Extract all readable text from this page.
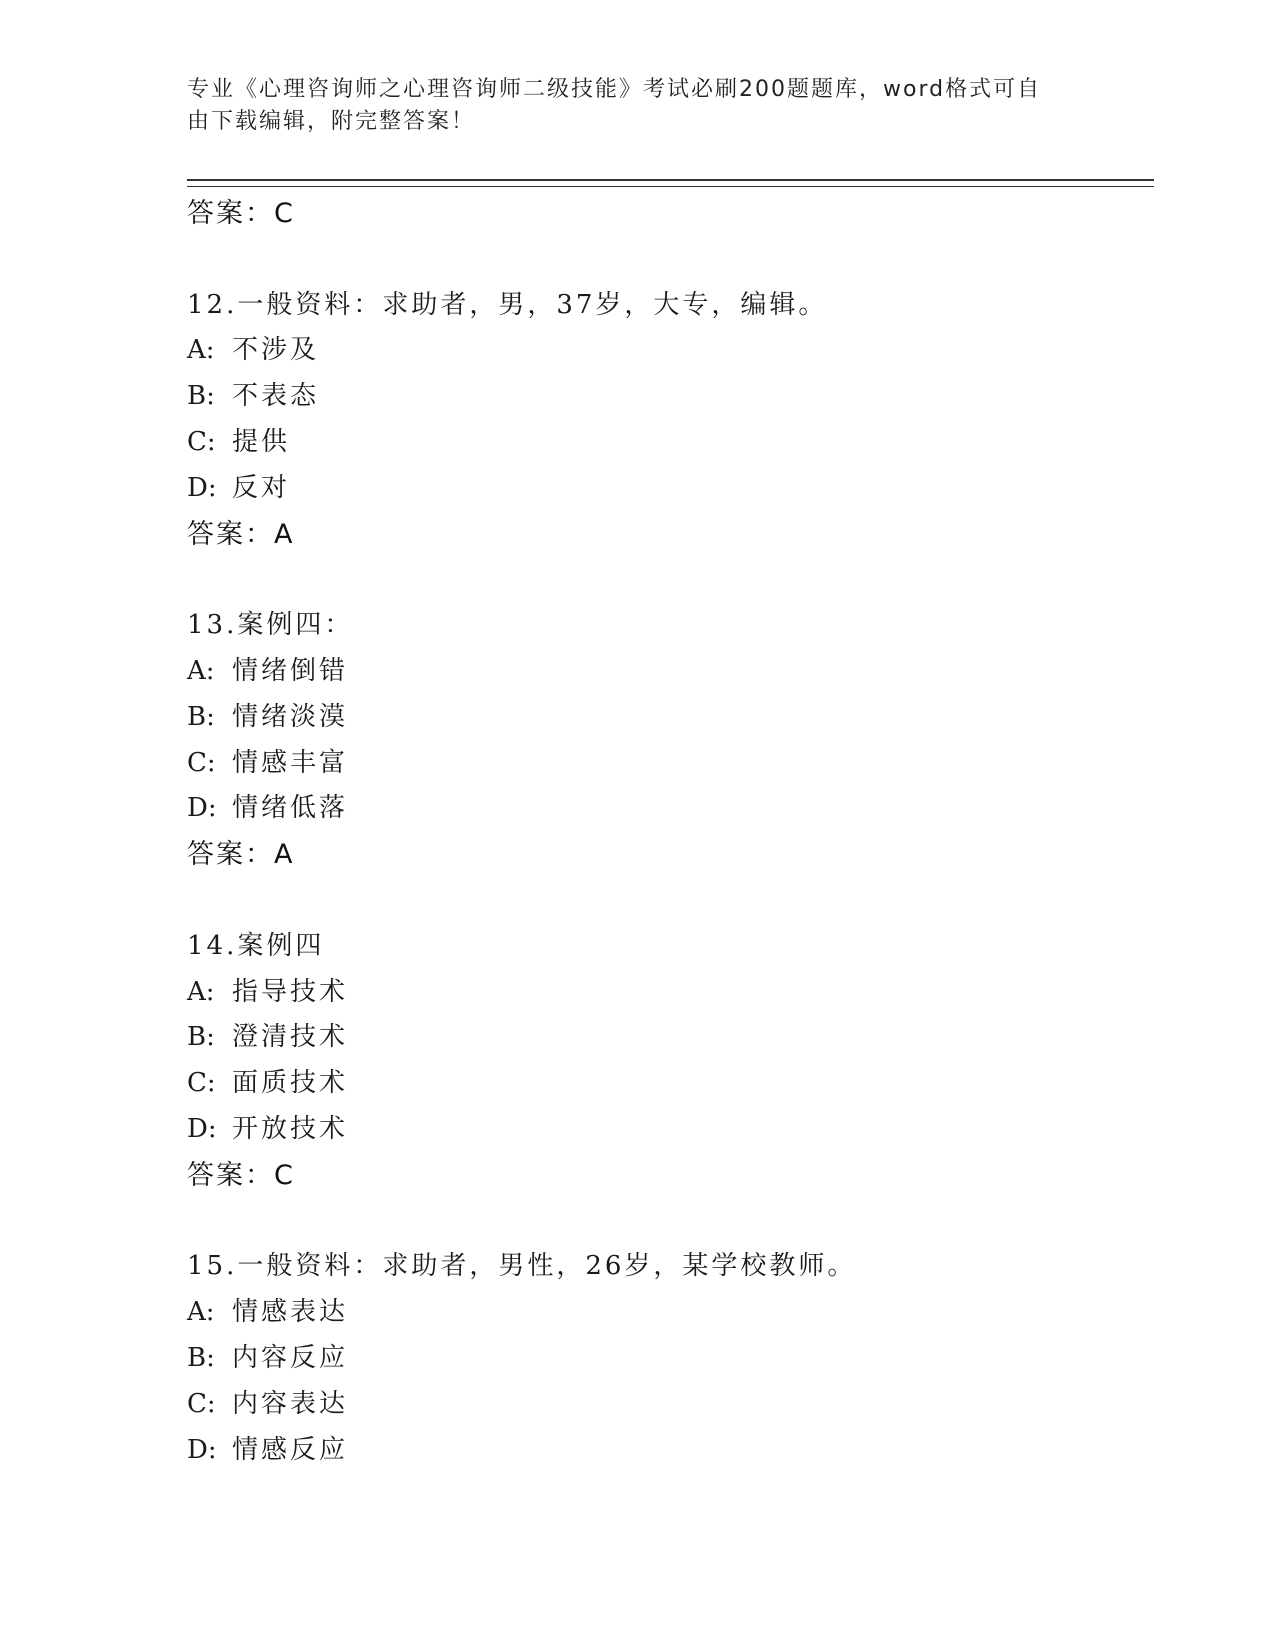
专业《心理咨询师之心理咨询师二级技能》考试必刷200题题库，word格式可自
由下载编辑，附完整答案！
答案：C
12.一般资料：求助者，男，37岁，大专，编辑。
A: 不涉及
B: 不表态
C: 提供
D: 反对
答案：A
13.案例四：
A: 情绪倒错
B: 情绪淡漠
C: 情感丰富
D: 情绪低落
答案：A
14.案例四
A: 指导技术
B: 澄清技术
C: 面质技术
D: 开放技术
答案：C
15.一般资料：求助者，男性，26岁，某学校教师。
A: 情感表达
B: 内容反应
C: 内容表达
D: 情感反应
